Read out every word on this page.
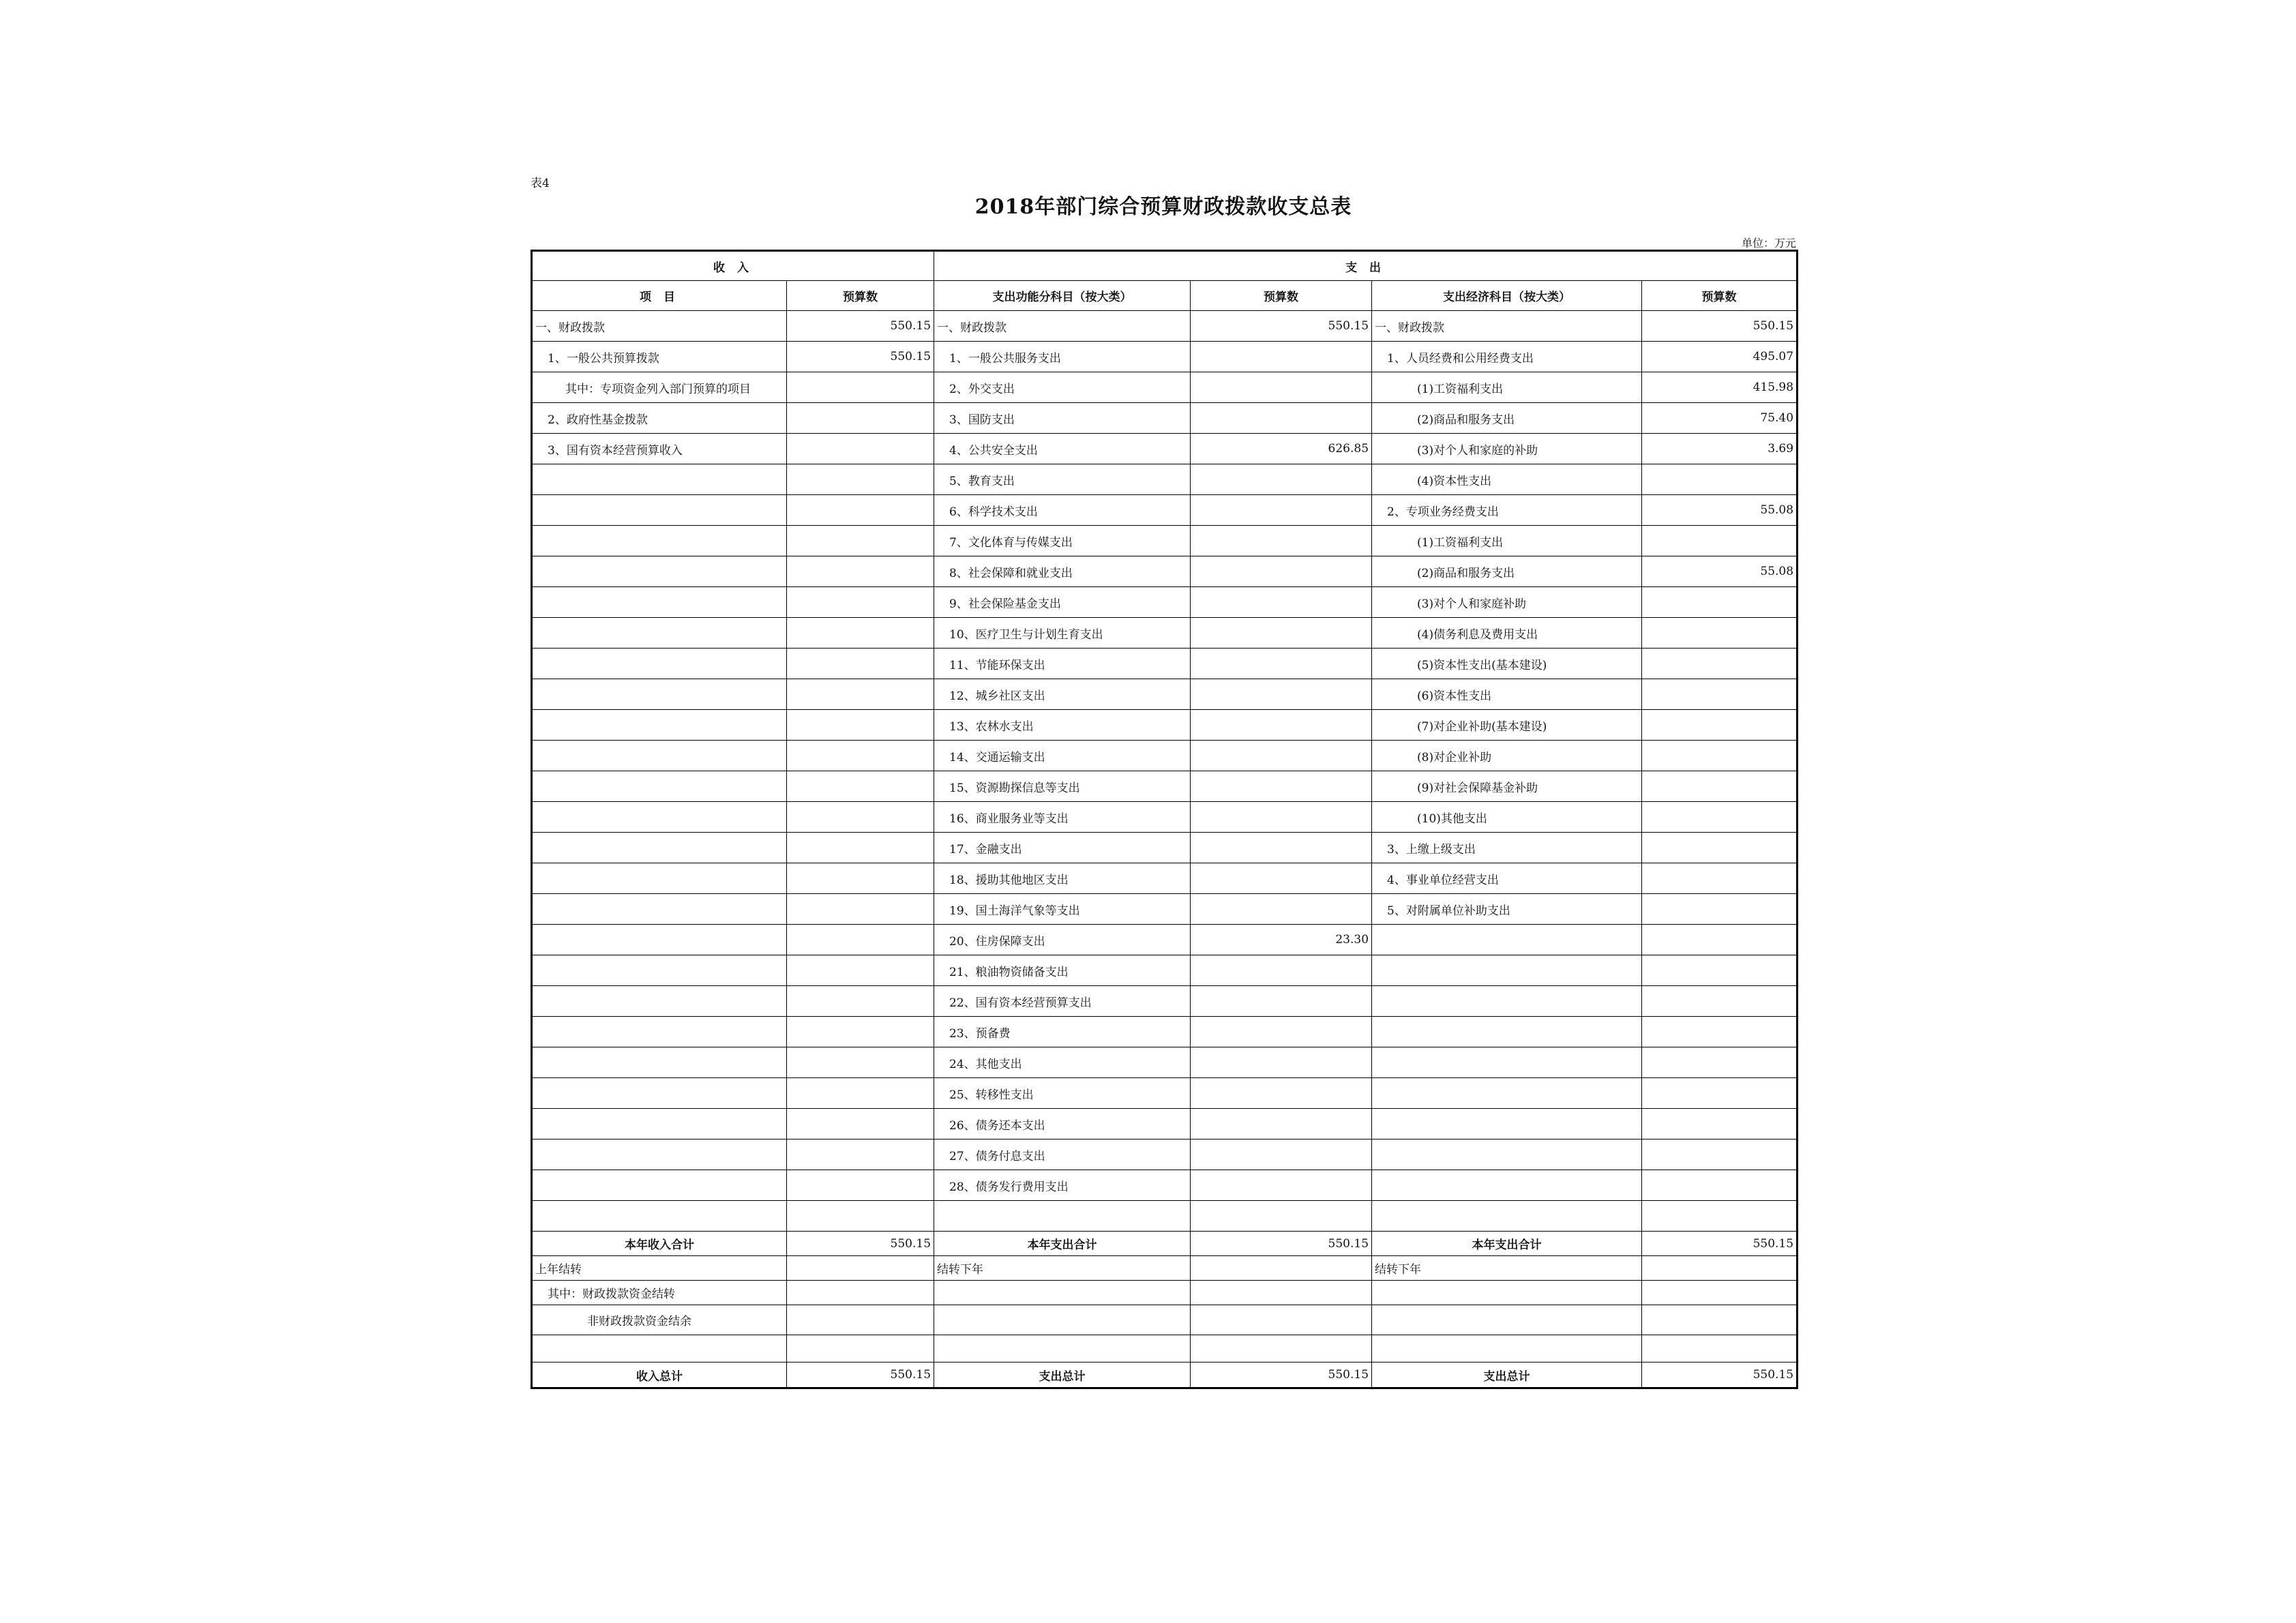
表4
2018年部门综合预算财政拨款收支总表
单位：万元
收 入		支 出			
项 目	预算数	支出功能分科目（按大类）	预算数	支出经济科目（按大类）	预算数
一、财政拨款	550.15	一、财政拨款	550.15	一、财政拨款	550.15
1、一般公共预算拨款	550.15	1、一般公共服务支出		1、人员经费和公用经费支出	495.07
其中：专项资金列入部门预算的项目		2、外交支出		(1)工资福利支出	415.98
2、政府性基金拨款		3、国防支出		(2)商品和服务支出	75.40
3、国有资本经营预算收入		4、公共安全支出	626.85	(3)对个人和家庭的补助	3.69
		5、教育支出		(4)资本性支出	
		6、科学技术支出		2、专项业务经费支出	55.08
		7、文化体育与传媒支出		(1)工资福利支出	
		8、社会保障和就业支出		(2)商品和服务支出	55.08
		9、社会保险基金支出		(3)对个人和家庭补助	
		10、医疗卫生与计划生育支出		(4)债务利息及费用支出	
		11、节能环保支出		(5)资本性支出(基本建设)	
		12、城乡社区支出		(6)资本性支出	
		13、农林水支出		(7)对企业补助(基本建设)	
		14、交通运输支出		(8)对企业补助	
		15、资源勘探信息等支出		(9)对社会保障基金补助	
		16、商业服务业等支出		(10)其他支出	
		17、金融支出		3、上缴上级支出	
		18、援助其他地区支出		4、事业单位经营支出	
		19、国土海洋气象等支出		5、对附属单位补助支出	
		20、住房保障支出	23.30		
		21、粮油物资储备支出			
		22、国有资本经营预算支出			
		23、预备费			
		24、其他支出			
		25、转移性支出			
		26、债务还本支出			
		27、债务付息支出			
		28、债务发行费用支出			

本年收入合计	550.15	本年支出合计	550.15	本年支出合计	550.15
上年结转		结转下年		结转下年	
其中：财政拨款资金结转					
非财政拨款资金结余					

收入总计	550.15	支出总计	550.15	支出总计	550.15
